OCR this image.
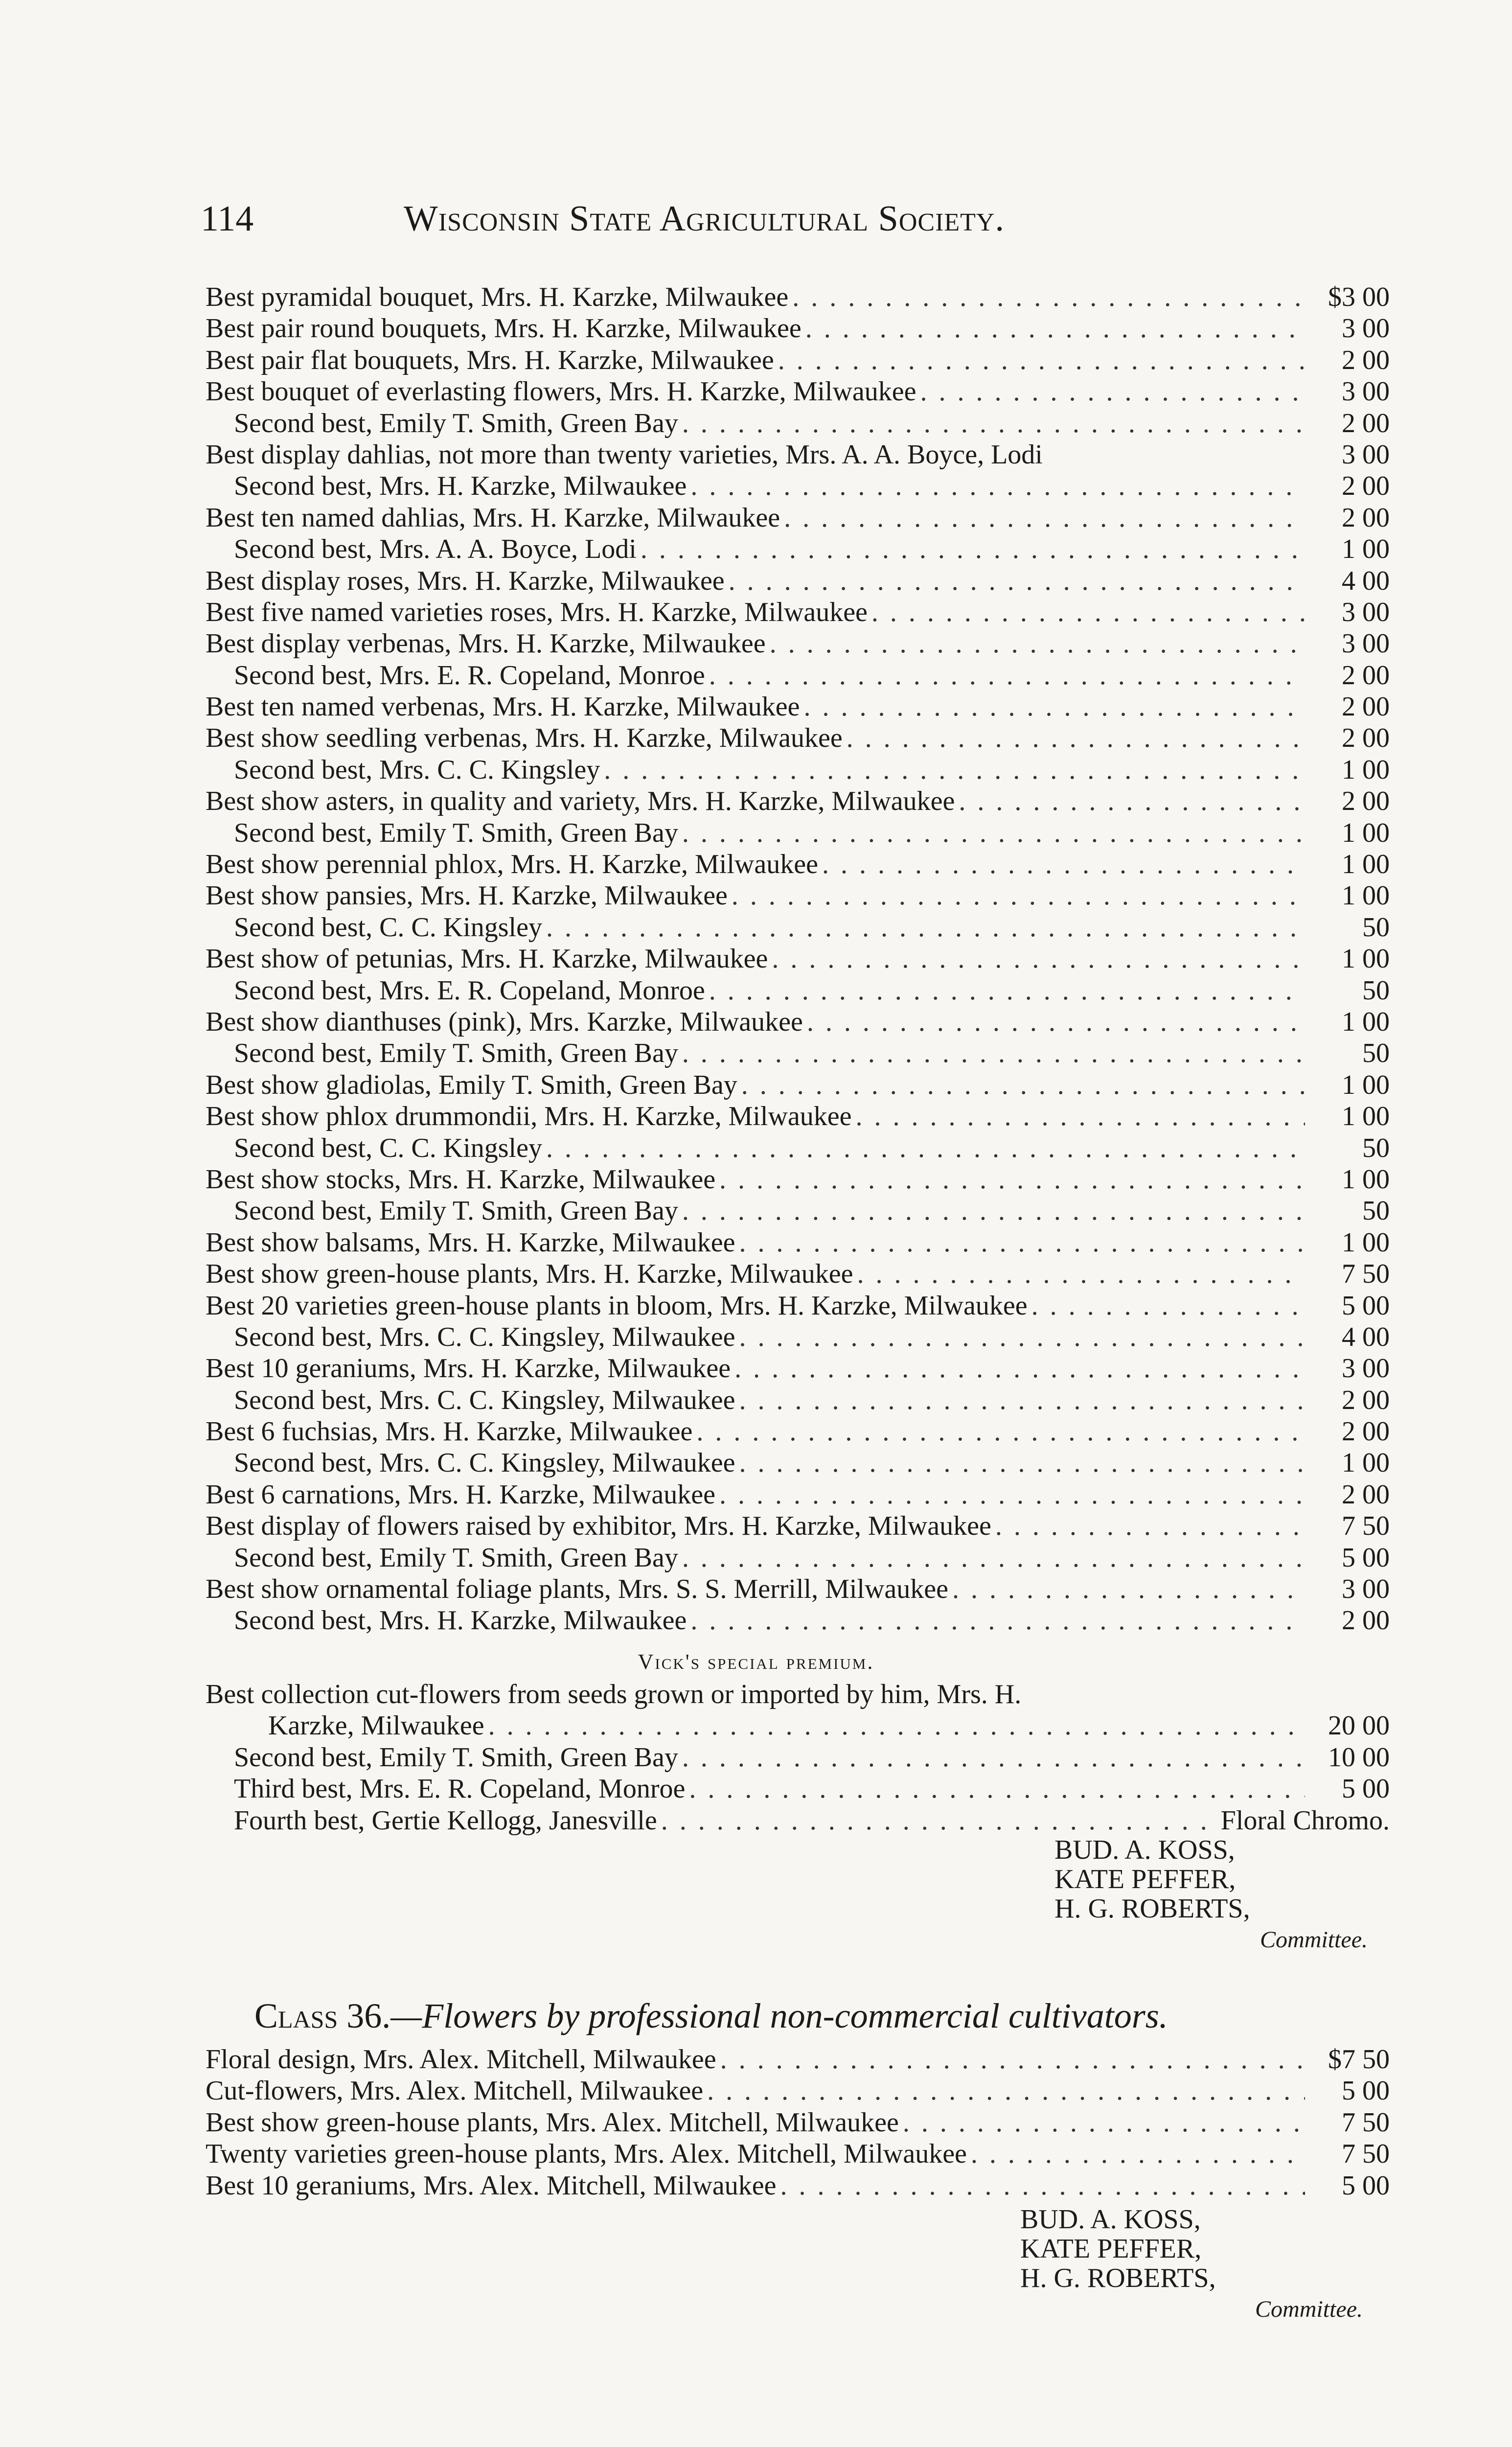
114	Wisconsin State Agricultural Society.
Best pyramidal bouquet, Mrs. H. Karzke, Milwaukee . . .	$3 00
Best pair round bouquets, Mrs. H. Karzke, Milwaukee . . .	3 00
Best pair flat bouquets, Mrs. H. Karzke, Milwaukee . . .	2 00
Best bouquet of everlasting flowers, Mrs. H. Karzke, Milwaukee . . .	3 00
Second best, Emily T. Smith, Green Bay . . .	2 00
Best display dahlias, not more than twenty varieties, Mrs. A. A. Boyce, Lodi	3 00
Second best, Mrs. H. Karzke, Milwaukee . . .	2 00
Best ten named dahlias, Mrs. H. Karzke, Milwaukee . . .	2 00
Second best, Mrs. A. A. Boyce, Lodi . . .	1 00
Best display roses, Mrs. H. Karzke, Milwaukee . . .	4 00
Best five named varieties roses, Mrs. H. Karzke, Milwaukee . . .	3 00
Best display verbenas, Mrs. H. Karzke, Milwaukee . . .	3 00
Second best, Mrs. E. R. Copeland, Monroe . . .	2 00
Best ten named verbenas, Mrs. H. Karzke, Milwaukee . . .	2 00
Best show seedling verbenas, Mrs. H. Karzke, Milwaukee . . .	2 00
Second best, Mrs. C. C. Kingsley . . .	1 00
Best show asters, in quality and variety, Mrs. H. Karzke, Milwaukee . . .	2 00
Second best, Emily T. Smith, Green Bay . . .	1 00
Best show perennial phlox, Mrs. H. Karzke, Milwaukee . . .	1 00
Best show pansies, Mrs. H. Karzke, Milwaukee . . .	1 00
Second best, C. C. Kingsley . . .	50
Best show of petunias, Mrs. H. Karzke, Milwaukee . . .	1 00
Second best, Mrs. E. R. Copeland, Monroe . . .	50
Best show dianthuses (pink), Mrs. Karzke, Milwaukee . . .	1 00
Second best, Emily T. Smith, Green Bay . . .	50
Best show gladiolas, Emily T. Smith, Green Bay . . .	1 00
Best show phlox drummondii, Mrs. H. Karzke, Milwaukee . . .	1 00
Second best, C. C. Kingsley . . .	50
Best show stocks, Mrs. H. Karzke, Milwaukee . . .	1 00
Second best, Emily T. Smith, Green Bay . . .	50
Best show balsams, Mrs. H. Karzke, Milwaukee . . .	1 00
Best show green-house plants, Mrs. H. Karzke, Milwaukee . . .	7 50
Best 20 varieties green-house plants in bloom, Mrs. H. Karzke, Milwaukee . . .	5 00
Second best, Mrs. C. C. Kingsley, Milwaukee . . .	4 00
Best 10 geraniums, Mrs. H. Karzke, Milwaukee . . .	3 00
Second best, Mrs. C. C. Kingsley, Milwaukee . . .	2 00
Best 6 fuchsias, Mrs. H. Karzke, Milwaukee . . .	2 00
Second best, Mrs. C. C. Kingsley, Milwaukee . . .	1 00
Best 6 carnations, Mrs. H. Karzke, Milwaukee . . .	2 00
Best display of flowers raised by exhibitor, Mrs. H. Karzke, Milwaukee . . .	7 50
Second best, Emily T. Smith, Green Bay . . .	5 00
Best show ornamental foliage plants, Mrs. S. S. Merrill, Milwaukee . . .	3 00
Second best, Mrs. H. Karzke, Milwaukee . . .	2 00
Vick's special premium.
Best collection cut-flowers from seeds grown or imported by him, Mrs. H.
Karzke, Milwaukee . . .	20 00
Second best, Emily T. Smith, Green Bay . . .	10 00
Third best, Mrs. E. R. Copeland, Monroe . . .	5 00
Fourth best, Gertie Kellogg, Janesville . . .	Floral Chromo.
BUD. A. KOSS,
KATE PEFFER,
H. G. ROBERTS,
Committee.
Class 36.—Flowers by professional non-commercial cultivators.
Floral design, Mrs. Alex. Mitchell, Milwaukee . . .	$7 50
Cut-flowers, Mrs. Alex. Mitchell, Milwaukee . . .	5 00
Best show green-house plants, Mrs. Alex. Mitchell, Milwaukee . . .	7 50
Twenty varieties green-house plants, Mrs. Alex. Mitchell, Milwaukee . . .	7 50
Best 10 geraniums, Mrs. Alex. Mitchell, Milwaukee . . .	5 00
BUD. A. KOSS,
KATE PEFFER,
H. G. ROBERTS,
Committee.
